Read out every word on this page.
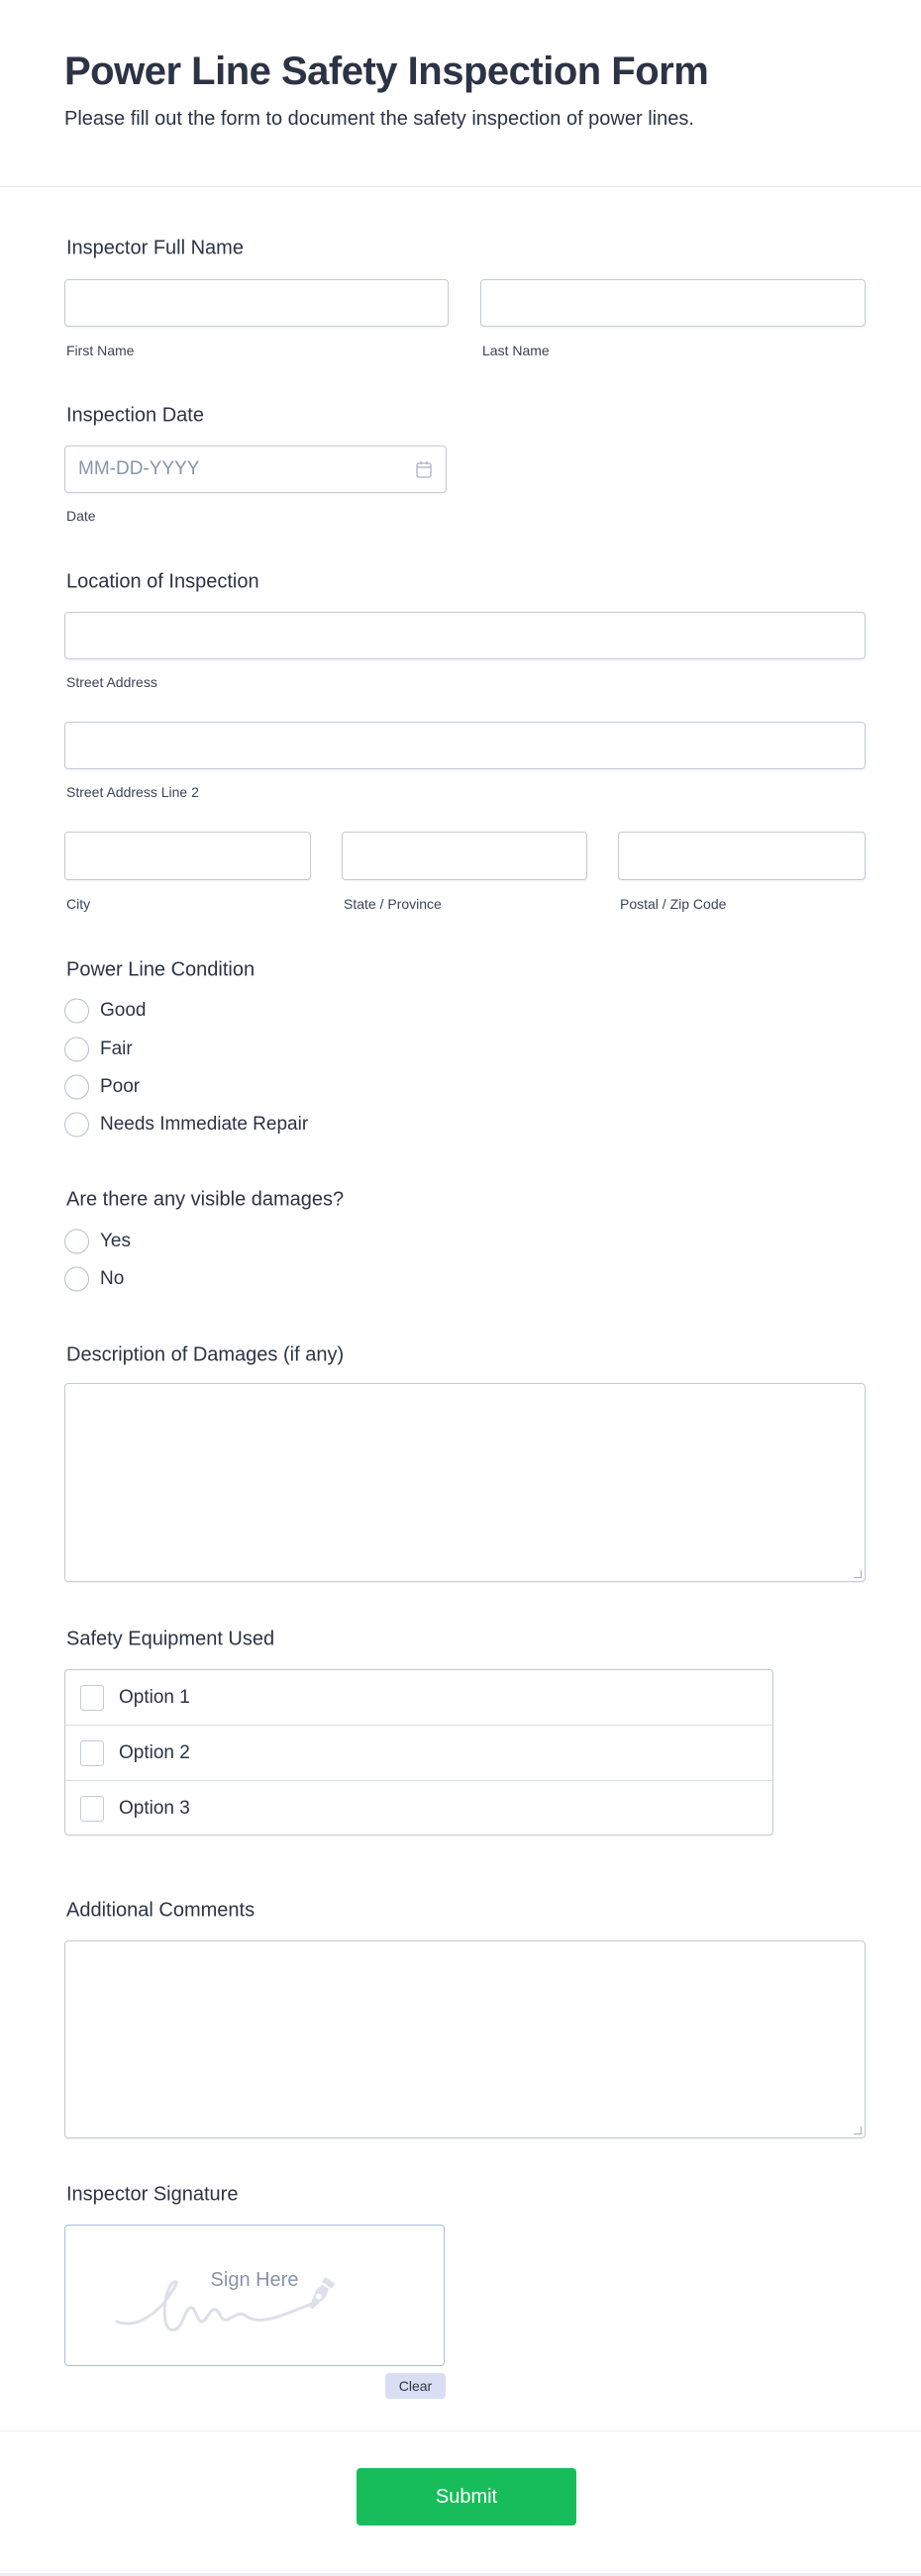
Power Line Safety Inspection Form
Please fill out the form to document the safety inspection of power lines.
Inspector Full Name
First Name	Last Name
Inspection Date
MM-DD-YYYY
Date
Location of Inspection
Street Address
Street Address Line 2
City	State / Province	Postal / Zip Code
Power Line Condition
Good
Fair
Poor
Needs Immediate Repair
Are there any visible damages?
Yes
No
Description of Damages (if any)
Safety Equipment Used
Option 1
Option 2
Option 3
Additional Comments
Inspector Signature
Sign Here
Clear
Submit
